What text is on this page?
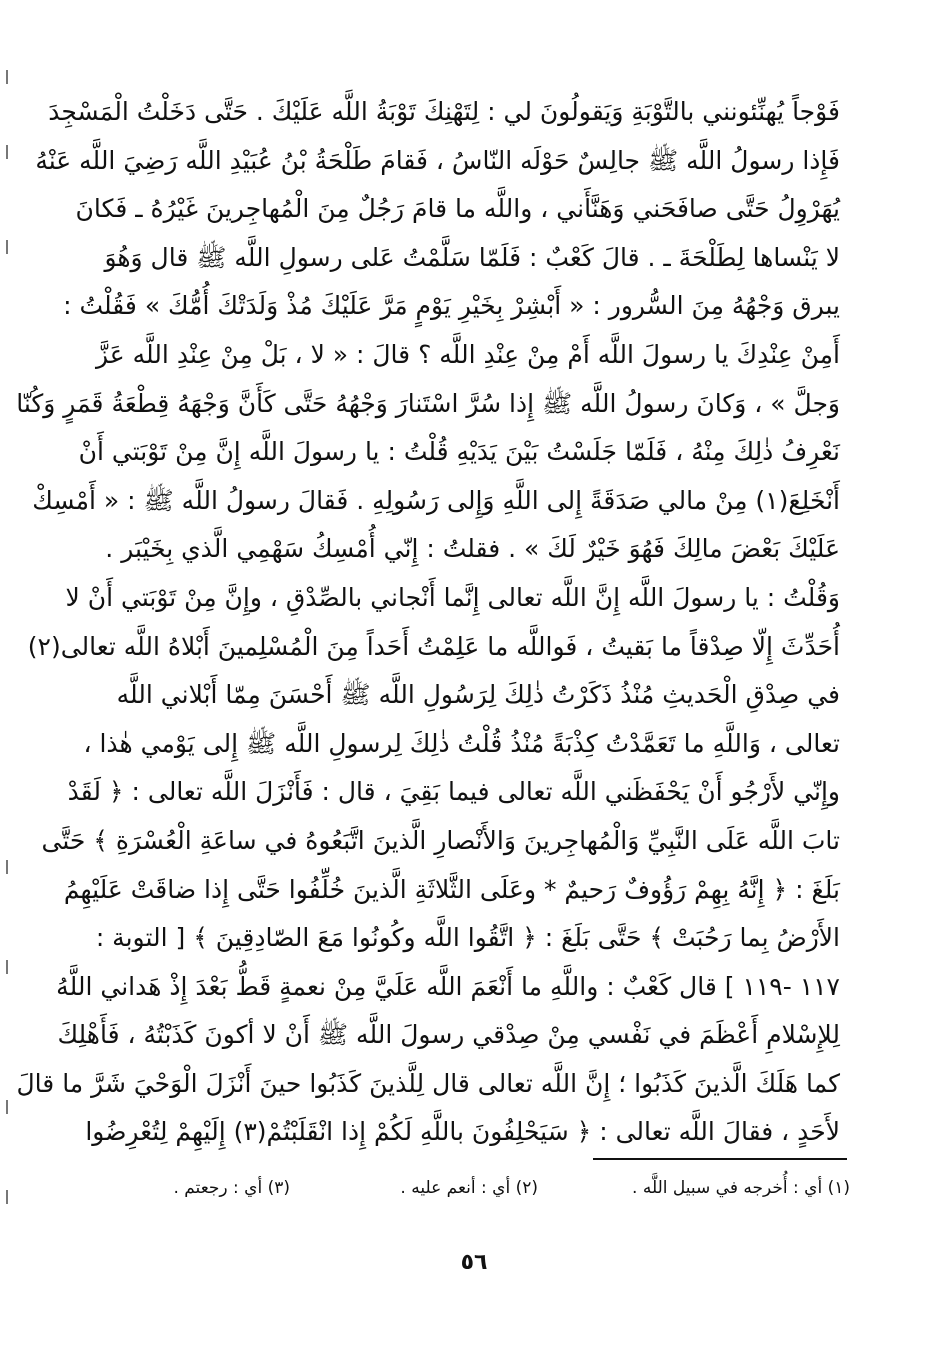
فَوْجاً يُهنِّئونني بالتَّوْبَةِ وَيَقولُونَ لي : لِتَهْنِكَ تَوْبَةُ اللَّه عَلَيْكَ . حَتَّى دَخَلْتُ الْمَسْجِدَ
فَإِذا رسولُ اللَّه ﷺ جالِسٌ حَوْلَه النّاسُ ، فَقامَ طَلْحَةُ بْنُ عُبَيْدِ اللَّه رَضِيَ اللَّه عَنْهُ
يُهَرْوِلُ حَتَّى صافَحَني وَهَنَّأَني ، واللَّه ما قامَ رَجُلٌ مِنَ الْمُهاجِرينَ غَيْرُهُ ـ فَكانَ
لا يَنْساها لِطَلْحَةَ ـ . قالَ كَعْبٌ : فَلَمّا سَلَّمْتُ عَلى رسولِ اللَّه ﷺ قال وَهُوَ
يبرق وَجْهُهُ مِنَ السُّرور : « أَبْشِرْ بِخَيْرِ يَوْمٍ مَرَّ عَلَيْكَ مُذْ وَلَدَتْكَ أُمُّكَ » فَقُلْتُ :
أَمِنْ عِنْدِكَ يا رسولَ اللَّه أَمْ مِنْ عِنْدِ اللَّه ؟ قالَ : « لا ، بَلْ مِنْ عِنْدِ اللَّه عَزَّ
وَجلَّ » ، وَكانَ رسولُ اللَّه ﷺ إِذا سُرَّ اسْتَنارَ وَجْهُهُ حَتَّى كَأَنَّ وَجْهَهُ قِطْعَةُ قَمَرٍ وَكُنّا
نَعْرِفُ ذٰلِكَ مِنْهُ ، فَلَمّا جَلَسْتُ بَيْنَ يَدَيْهِ قُلْتُ : يا رسولَ اللَّه إِنَّ مِنْ تَوْبَتي أَنْ
أَنْخَلِعَ(١) مِنْ مالي صَدَقَةً إِلى اللَّهِ وَإِلى رَسُولِهِ . فَقالَ رسولُ اللَّه ﷺ : « أَمْسِكْ
عَلَيْكَ بَعْضَ مالِكَ فَهُوَ خَيْرٌ لَكَ » . فقلتُ : إِنّي أُمْسِكُ سَهْمِي الَّذي بِخَيْبَر .
وَقُلْتُ : يا رسولَ اللَّه إِنَّ اللَّه تعالى إِنَّما أَنْجاني بالصِّدْقِ ، وإِنَّ مِنْ تَوْبَتي أَنْ لا
أُحَدِّثَ إِلّا صِدْقاً ما بَقيتُ ، فَواللَّه ما عَلِمْتُ أَحَداً مِنَ الْمُسْلِمينَ أَبْلاهُ اللَّه تعالى(٢)
في صِدْقِ الْحَديثِ مُنْذُ ذَكَرْتُ ذٰلِكَ لِرَسُولِ اللَّه ﷺ أَحْسَنَ مِمّا أَبْلاني اللَّه
تعالى ، وَاللَّهِ ما تَعَمَّدْتُ كِذْبَةً مُنْذُ قُلْتُ ذٰلِكَ لِرسولِ اللَّه ﷺ إِلى يَوْمي هٰذا ،
وإِنّي لأَرْجُو أَنْ يَحْفَظَني اللَّه تعالى فيما بَقِيَ ، قال : فَأَنْزَلَ اللَّه تعالى : ﴿ لَقَدْ
تابَ اللَّه عَلَى النَّبِيِّ وَالْمُهاجِرينَ وَالأَنْصارِ الَّذينَ اتَّبَعُوهُ في ساعَةِ الْعُسْرَةِ ﴾ حَتَّى
بَلَغَ : ﴿ إِنَّهُ بِهِمْ رَؤُوفٌ رَحيمٌ * وعَلَى الثَّلاثَةِ الَّذينَ خُلِّفُوا حَتَّى إِذا ضاقَتْ عَلَيْهِمُ
الأَرْضُ بِما رَحُبَتْ ﴾ حَتَّى بَلَغَ : ﴿ اتَّقُوا اللَّه وكُونُوا مَعَ الصّادِقِينَ ﴾ [ التوبة :
١١٧ -١١٩ ] قال كَعْبٌ : واللَّهِ ما أَنْعَمَ اللَّه عَلَيَّ مِنْ نعمةٍ قَطُّ بَعْدَ إِذْ هَداني اللَّهُ
لِلإِسْلامِ أَعْظَمَ في نَفْسي مِنْ صِدْقي رسولَ اللَّه ﷺ أَنْ لا أكونَ كَذَبْتُهُ ، فَأَهْلِكَ
كما هَلَكَ الَّذينَ كَذَبُوا ؛ إِنَّ اللَّه تعالى قال لِلَّذينَ كَذَبُوا حينَ أَنْزَلَ الْوَحْيَ شَرَّ ما قالَ
لأَحَدٍ ، فقالَ اللَّه تعالى : ﴿ سَيَحْلِفُونَ باللَّهِ لَكُمْ إِذا انْقَلَبْتُمْ(٣) إِلَيْهِمْ لِتُعْرِضُوا
(١) أي : أُخرجه في سبيل اللَّه .
(٢) أي : أنعم عليه .
(٣) أي : رجعتم .
٥٦
